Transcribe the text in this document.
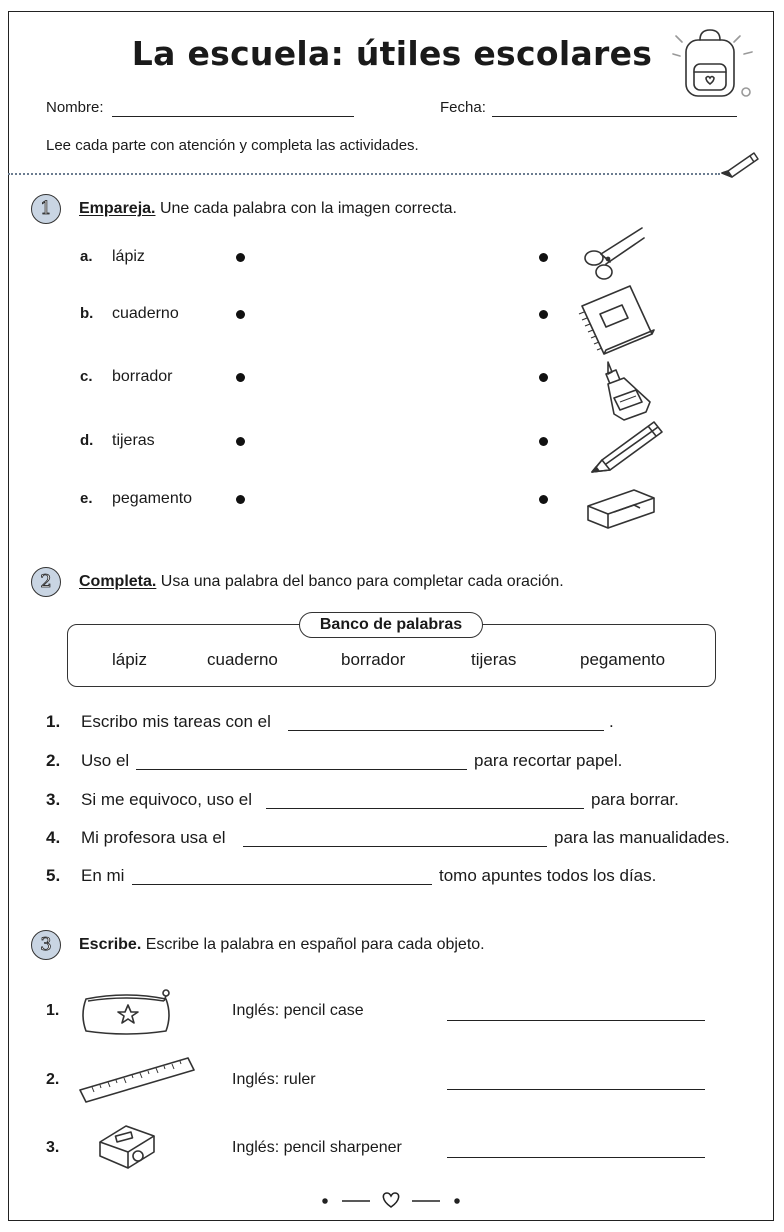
La escuela: útiles escolares
Nombre:	Fecha:
Lee cada parte con atención y completa las actividades.
1	Empareja. Une cada palabra con la imagen correcta.
a. lápiz
b. cuaderno
c. borrador
d. tijeras
e. pegamento
2	Completa. Usa una palabra del banco para completar cada oración.
Banco de palabras
lápiz	cuaderno	borrador	tijeras	pegamento
1. Escribo mis tareas con el	.
2. Uso el	para recortar papel.
3. Si me equivoco, uso el	para borrar.
4. Mi profesora usa el	para las manualidades.
5. En mi	tomo apuntes todos los días.
3	Escribe. Escribe la palabra en español para cada objeto.
1.	Inglés: pencil case
2.	Inglés: ruler
3.	Inglés: pencil sharpener
